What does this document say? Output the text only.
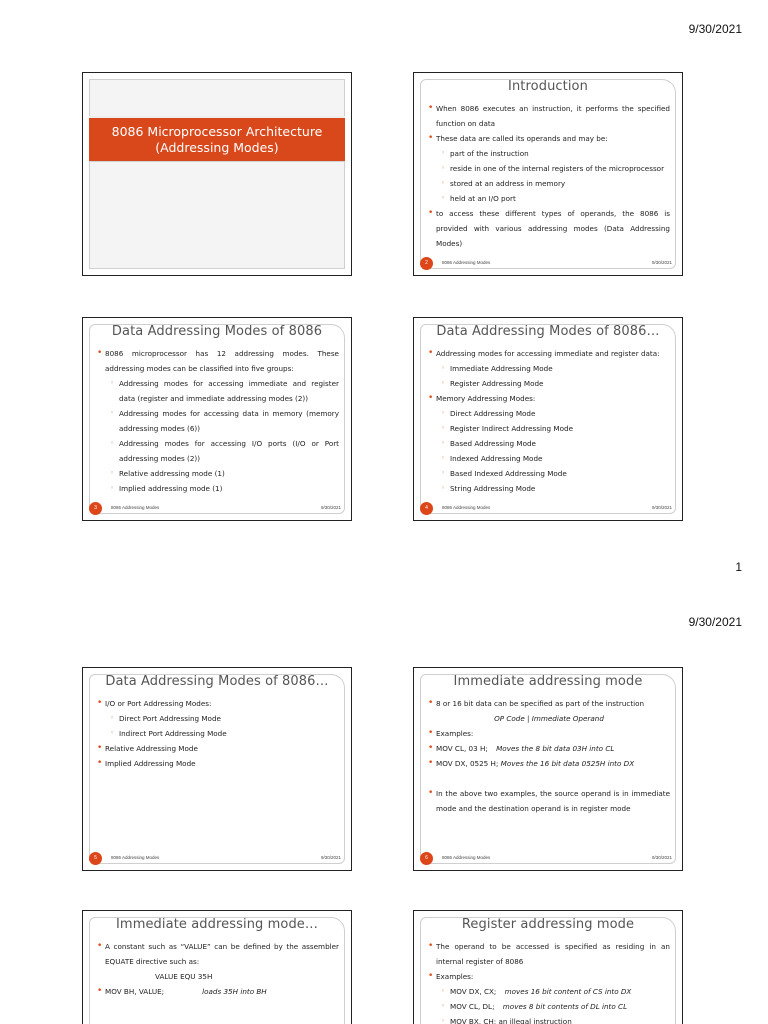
9/30/2021
8086 Microprocessor Architecture
(Addressing Modes)
Introduction
• When 8086 executes an instruction, it performs the specified function on data
• These data are called its operands and may be:
◦ part of the instruction
◦ reside in one of the internal registers of the microprocessor
◦ stored at an address in memory
◦ held at an I/O port
• to access these different types of operands, the 8086 is provided with various addressing modes (Data Addressing Modes)
2	8086 Addressing Modes	9/30/2021
Data Addressing Modes of 8086
• 8086 microprocessor has 12 addressing modes. These addressing modes can be classified into five groups:
◦ Addressing modes for accessing immediate and register data (register and immediate addressing modes (2))
◦ Addressing modes for accessing data in memory (memory addressing modes (6))
◦ Addressing modes for accessing I/O ports (I/O or Port addressing modes (2))
◦ Relative addressing mode (1)
◦ Implied addressing mode (1)
3	8086 Addressing Modes	9/30/2021
Data Addressing Modes of 8086…
• Addressing modes for accessing immediate and register data:
◦ Immediate Addressing Mode
◦ Register Addressing Mode
• Memory Addressing Modes:
◦ Direct Addressing Mode
◦ Register Indirect Addressing Mode
◦ Based Addressing Mode
◦ Indexed Addressing Mode
◦ Based Indexed Addressing Mode
◦ String Addressing Mode
4	8086 Addressing Modes	9/30/2021
1
9/30/2021
Data Addressing Modes of 8086…
• I/O or Port Addressing Modes:
◦ Direct Port Addressing Mode
◦ Indirect Port Addressing Mode
• Relative Addressing Mode
• Implied Addressing Mode
5	8086 Addressing Modes	9/30/2021
Immediate addressing mode
• 8 or 16 bit data can be specified as part of the instruction
OP Code | Immediate Operand
• Examples:
• MOV CL, 03 H; Moves the 8 bit data 03H into CL
• MOV DX, 0525 H; Moves the 16 bit data 0525H into DX
• In the above two examples, the source operand is in immediate mode and the destination operand is in register mode
6	8086 Addressing Modes	9/30/2021
Immediate addressing mode…
• A constant such as “VALUE” can be defined by the assembler EQUATE directive such as:
VALUE EQU 35H
• MOV BH, VALUE;	loads 35H into BH
Register addressing mode
• The operand to be accessed is specified as residing in an internal register of 8086
• Examples:
◦ MOV DX, CX; moves 16 bit content of CS into DX
◦ MOV CL, DL; moves 8 bit contents of DL into CL
◦ MOV BX, CH; an illegal instruction
